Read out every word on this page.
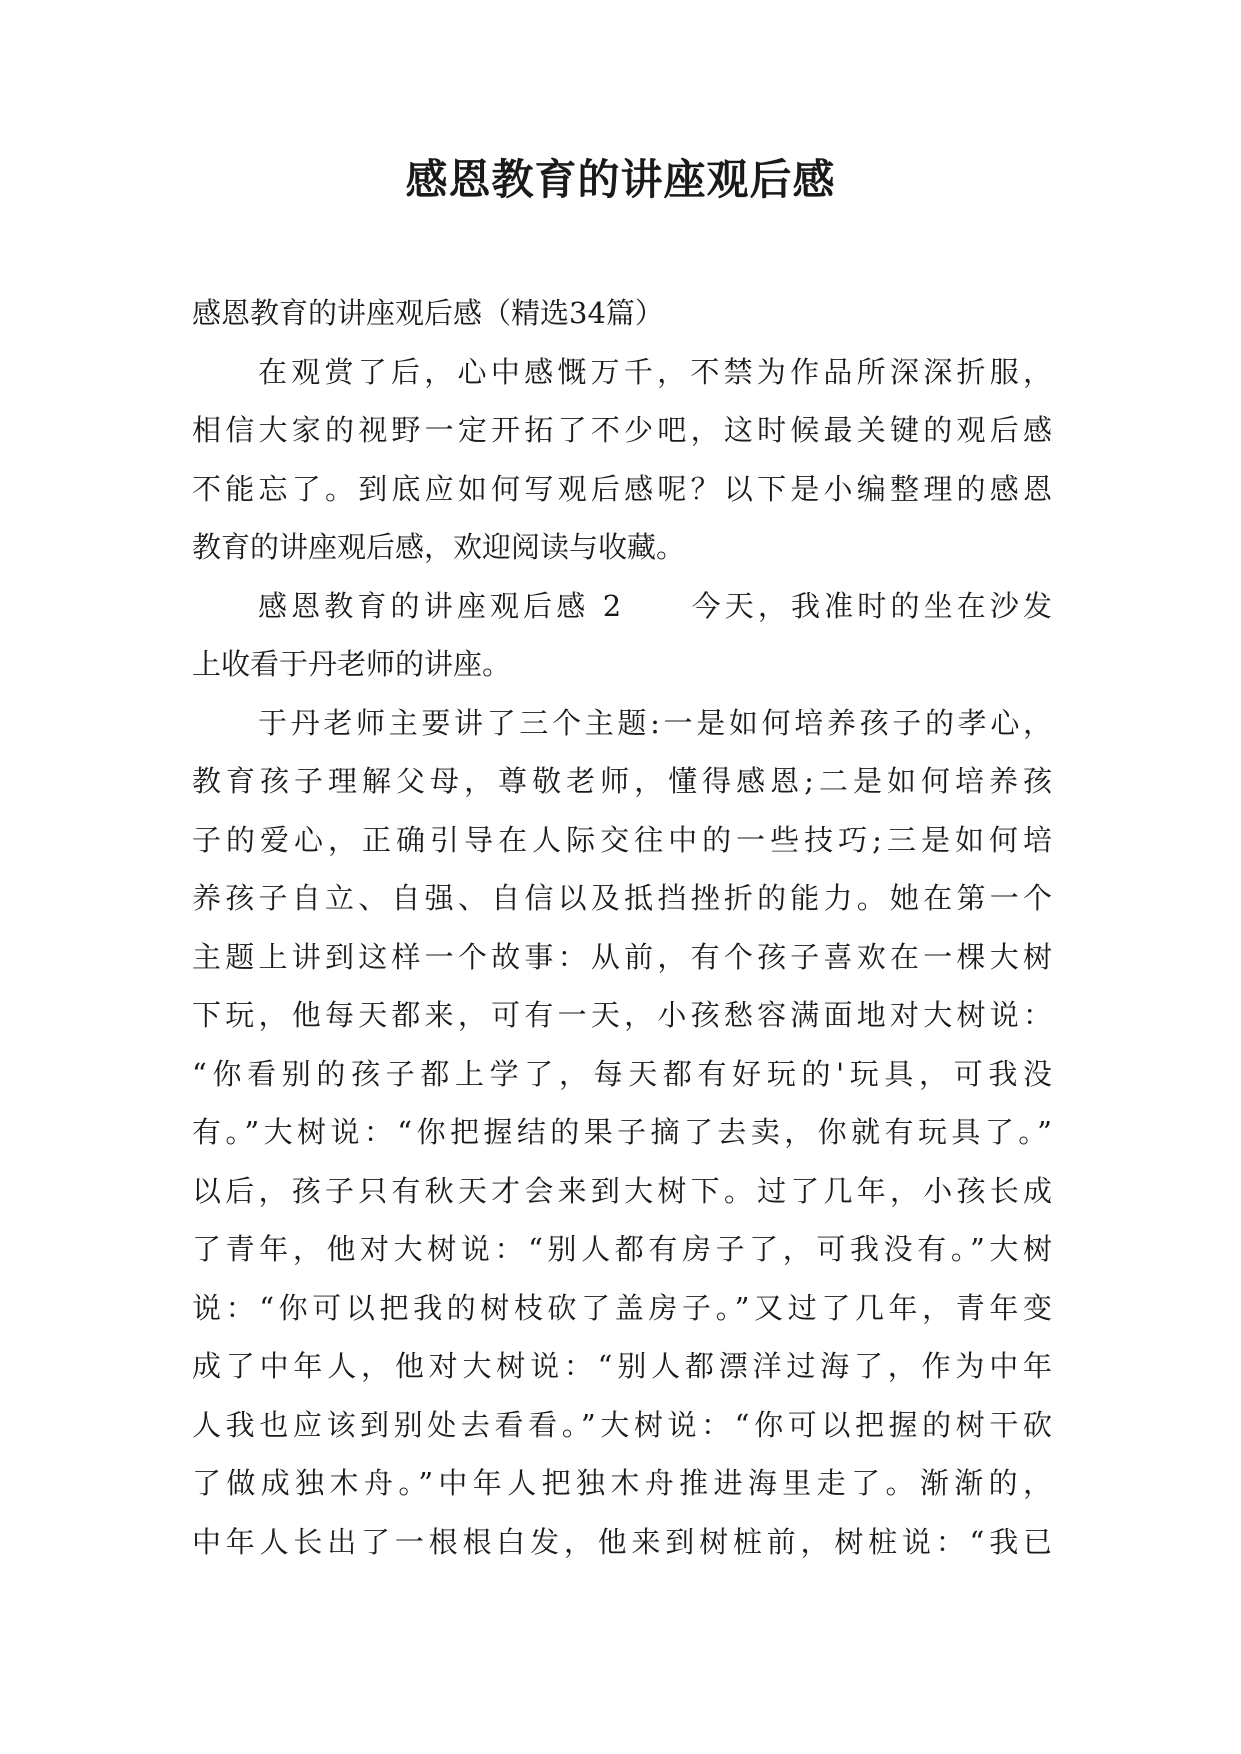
感恩教育的讲座观后感
感恩教育的讲座观后感（精选34篇）
在观赏了后，心中感慨万千，不禁为作品所深深折服，
相信大家的视野一定开拓了不少吧，这时候最关键的观后感
不能忘了。到底应如何写观后感呢？以下是小编整理的感恩
教育的讲座观后感，欢迎阅读与收藏。
感恩教育的讲座观后感 2　　今天，我准时的坐在沙发
上收看于丹老师的讲座。
于丹老师主要讲了三个主题:一是如何培养孩子的孝心，
教育孩子理解父母，尊敬老师，懂得感恩;二是如何培养孩
子的爱心，正确引导在人际交往中的一些技巧;三是如何培
养孩子自立、自强、自信以及抵挡挫折的能力。她在第一个
主题上讲到这样一个故事：从前，有个孩子喜欢在一棵大树
下玩，他每天都来，可有一天，小孩愁容满面地对大树说：
“你看别的孩子都上学了，每天都有好玩的'玩具，可我没
有。”大树说：“你把握结的果子摘了去卖，你就有玩具了。”
以后，孩子只有秋天才会来到大树下。过了几年，小孩长成
了青年，他对大树说：“别人都有房子了，可我没有。”大树
说：“你可以把我的树枝砍了盖房子。”又过了几年，青年变
成了中年人，他对大树说：“别人都漂洋过海了，作为中年
人我也应该到别处去看看。”大树说：“你可以把握的树干砍
了做成独木舟。”中年人把独木舟推进海里走了。渐渐的，
中年人长出了一根根白发，他来到树桩前，树桩说：“我已
